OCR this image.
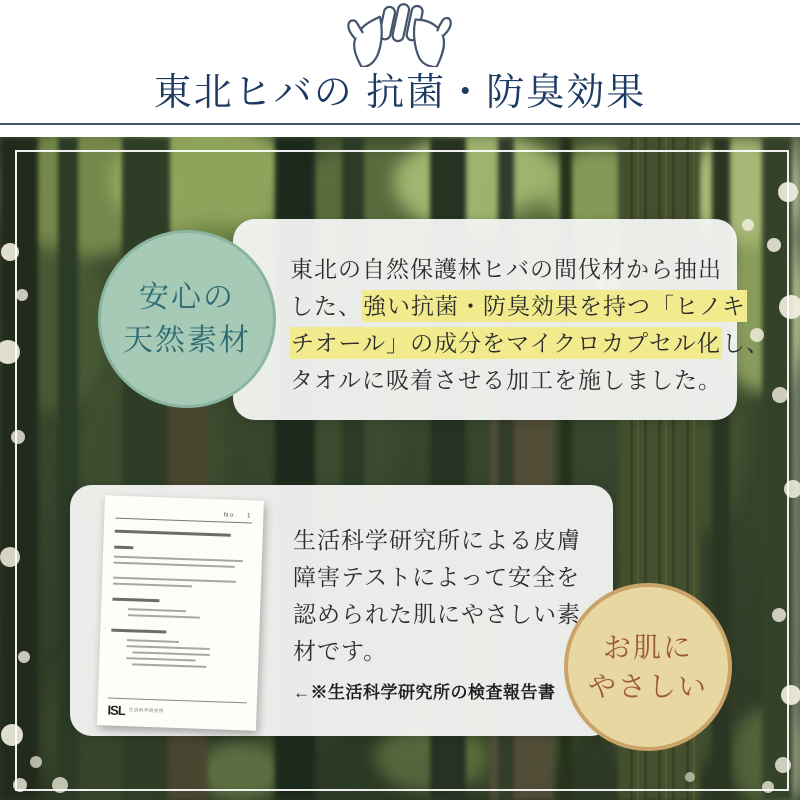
東北ヒバの 抗菌・防臭効果
東北の自然保護林ヒバの間伐材から抽出
した、強い抗菌・防臭効果を持つ「ヒノキ
チオール」の成分をマイクロカプセル化し、
タオルに吸着させる加工を施しました。
安心の
天然素材
No.　1
ISL 生活科学研究所
生活科学研究所による皮膚
障害テストによって安全を
認められた肌にやさしい素
材です。
←※生活科学研究所の検査報告書
お肌に
やさしい
